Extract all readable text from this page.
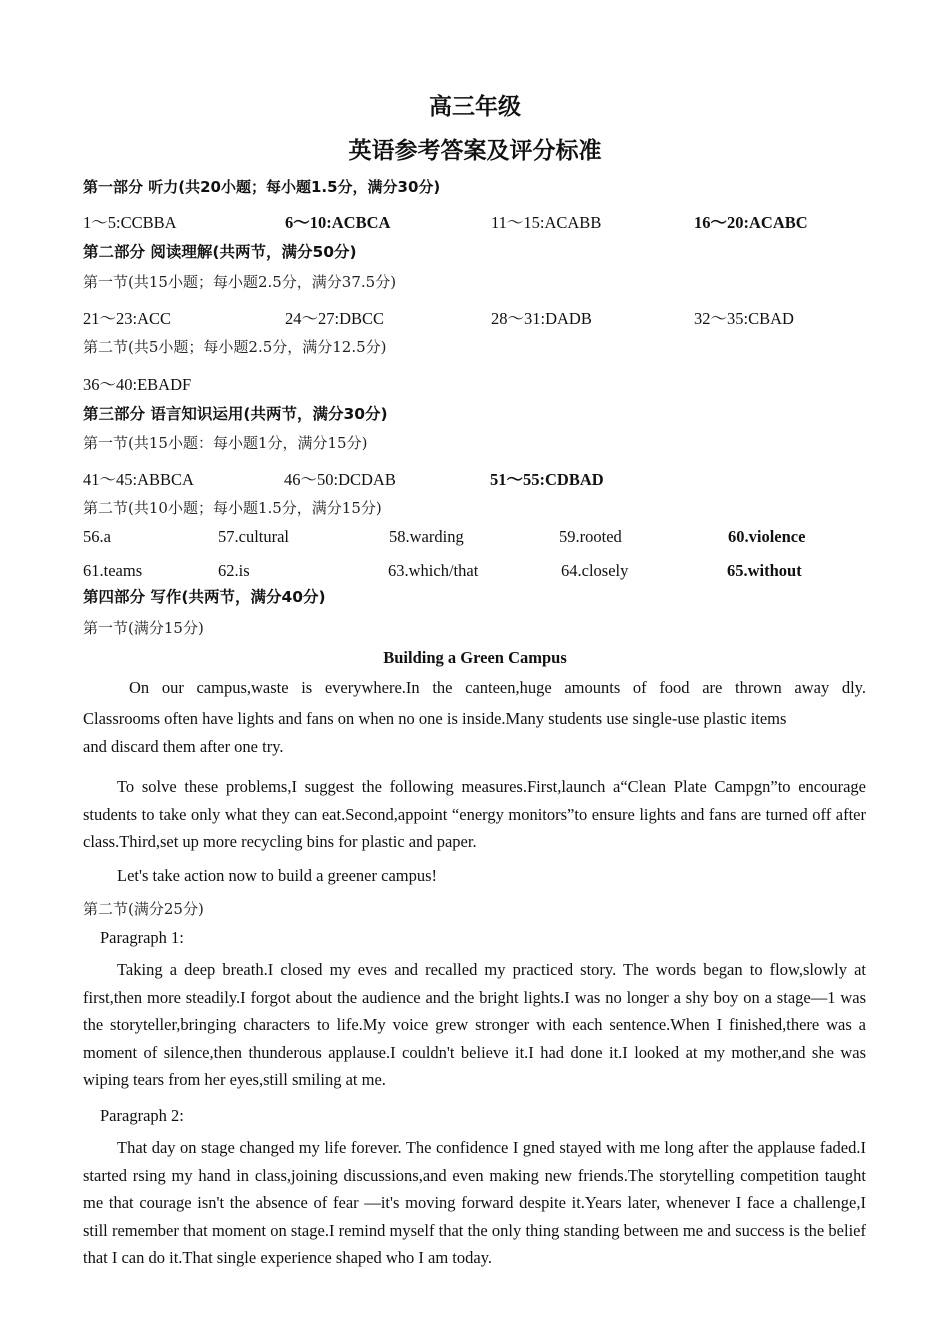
高三年级
英语参考答案及评分标准
第一部分 听力(共20小题；每小题1.5分，满分30分)
1～5:CCBBA	6～10:ACBCA	11～15:ACABB	16～20:ACABC
第二部分 阅读理解(共两节，满分50分)
第一节(共15小题；每小题2.5分，满分37.5分)
21～23:ACC	24～27:DBCC	28～31:DADB	32～35:CBAD
第二节(共5小题；每小题2.5分，满分12.5分)
36～40:EBADF
第三部分 语言知识运用(共两节，满分30分)
第一节(共15小题：每小题1分，满分15分)
41～45:ABBCA	46～50:DCDAB	51～55:CDBAD
第二节(共10小题；每小题1.5分，满分15分)
56.a	57.cultural	58.warding	59.rooted	60.violence
61.teams	62.is	63.which/that	64.closely	65.without
第四部分 写作(共两节，满分40分)
第一节(满分15分)
Building a Green Campus
On our campus,waste is everywhere.In the canteen,huge amounts of food are thrown away dly.
Classrooms often have lights and fans on when no one is inside.Many students use single-use plastic items
and discard them after one try.
To solve these problems,I suggest the following measures.First,launch a“Clean Plate Campgn”to encourage students to take only what they can eat.Second,appoint “energy monitors”to ensure lights and fans are turned off after class.Third,set up more recycling bins for plastic and paper.
Let's take action now to build a greener campus!
第二节(满分25分)
Paragraph 1:
Taking a deep breath.I closed my eves and recalled my practiced story. The words began to flow,slowly at first,then more steadily.I forgot about the audience and the bright lights.I was no longer a shy boy on a stage—1 was the storyteller,bringing characters to life.My voice grew stronger with each sentence.When I finished,there was a moment of silence,then thunderous applause.I couldn't believe it.I had done it.I looked at my mother,and she was wiping tears from her eyes,still smiling at me.
Paragraph 2:
That day on stage changed my life forever. The confidence I gned stayed with me long after the applause faded.I started rsing my hand in class,joining discussions,and even making new friends.The storytelling competition taught me that courage isn't the absence of fear —it's moving forward despite it.Years later, whenever I face a challenge,I still remember that moment on stage.I remind myself that the only thing standing between me and success is the belief that I can do it.That single experience shaped who I am today.
